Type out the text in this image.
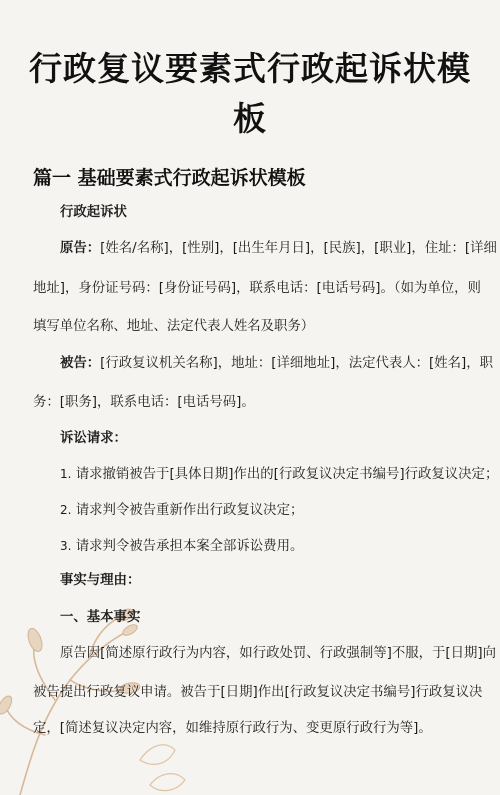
行政复议要素式行政起诉状模
板
篇一 基础要素式行政起诉状模板
行政起诉状
原告：[姓名/名称]，[性别]，[出生年月日]，[民族]，[职业]，住址：[详细
地址]，身份证号码：[身份证号码]，联系电话：[电话号码]。（如为单位，则
填写单位名称、地址、法定代表人姓名及职务）
被告：[行政复议机关名称]，地址：[详细地址]，法定代表人：[姓名]，职
务：[职务]，联系电话：[电话号码]。
诉讼请求：
1. 请求撤销被告于[具体日期]作出的[行政复议决定书编号]行政复议决定；
2. 请求判令被告重新作出行政复议决定；
3. 请求判令被告承担本案全部诉讼费用。
事实与理由：
一、基本事实
原告因[简述原行政行为内容，如行政处罚、行政强制等]不服，于[日期]向
被告提出行政复议申请。被告于[日期]作出[行政复议决定书编号]行政复议决
定，[简述复议决定内容，如维持原行政行为、变更原行政行为等]。
